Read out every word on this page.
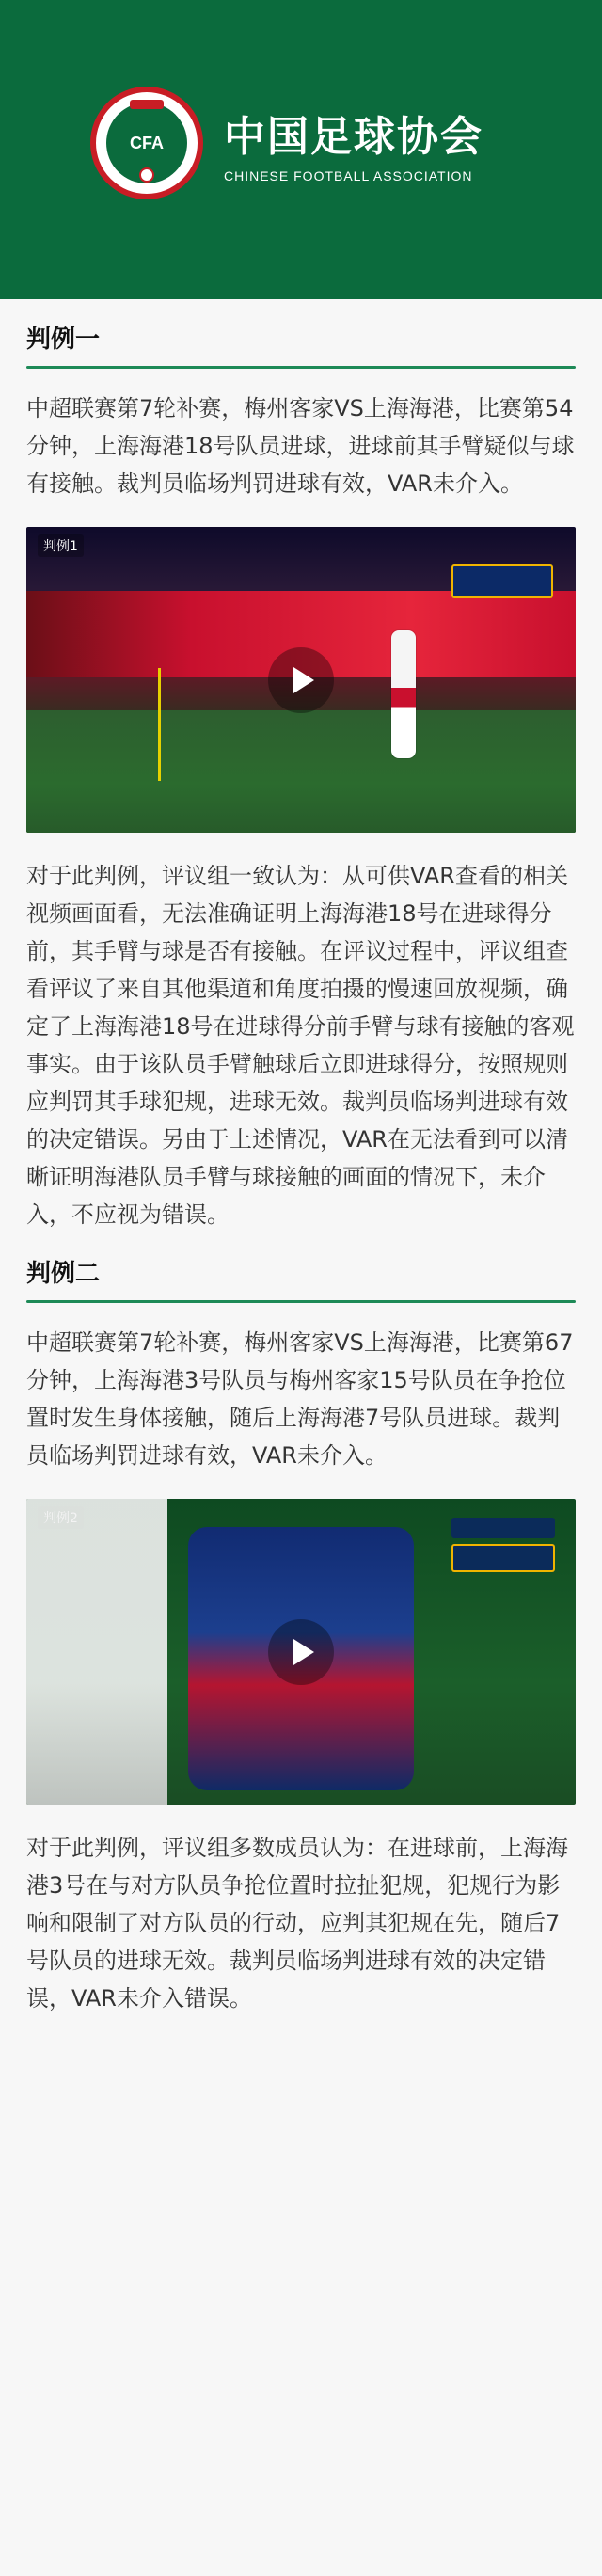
CFA 中国足球协会
CHINESE FOOTBALL ASSOCIATION
判例一
中超联赛第7轮补赛，梅州客家VS上海海港，比赛第54分钟，上海海港18号队员进球，进球前其手臂疑似与球有接触。裁判员临场判罚进球有效，VAR未介入。
判例1
对于此判例，评议组一致认为：从可供VAR查看的相关视频画面看，无法准确证明上海海港18号在进球得分前，其手臂与球是否有接触。在评议过程中，评议组查看评议了来自其他渠道和角度拍摄的慢速回放视频，确定了上海海港18号在进球得分前手臂与球有接触的客观事实。由于该队员手臂触球后立即进球得分，按照规则应判罚其手球犯规，进球无效。裁判员临场判进球有效的决定错误。另由于上述情况，VAR在无法看到可以清晰证明海港队员手臂与球接触的画面的情况下，未介入，不应视为错误。
判例二
中超联赛第7轮补赛，梅州客家VS上海海港，比赛第67分钟，上海海港3号队员与梅州客家15号队员在争抢位置时发生身体接触，随后上海海港7号队员进球。裁判员临场判罚进球有效，VAR未介入。
对于此判例，评议组多数成员认为：在进球前，上海海港3号在与对方队员争抢位置时拉扯犯规，犯规行为影响和限制了对方队员的行动，应判其犯规在先，随后7号队员的进球无效。裁判员临场判进球有效的决定错误，VAR未介入错误。
